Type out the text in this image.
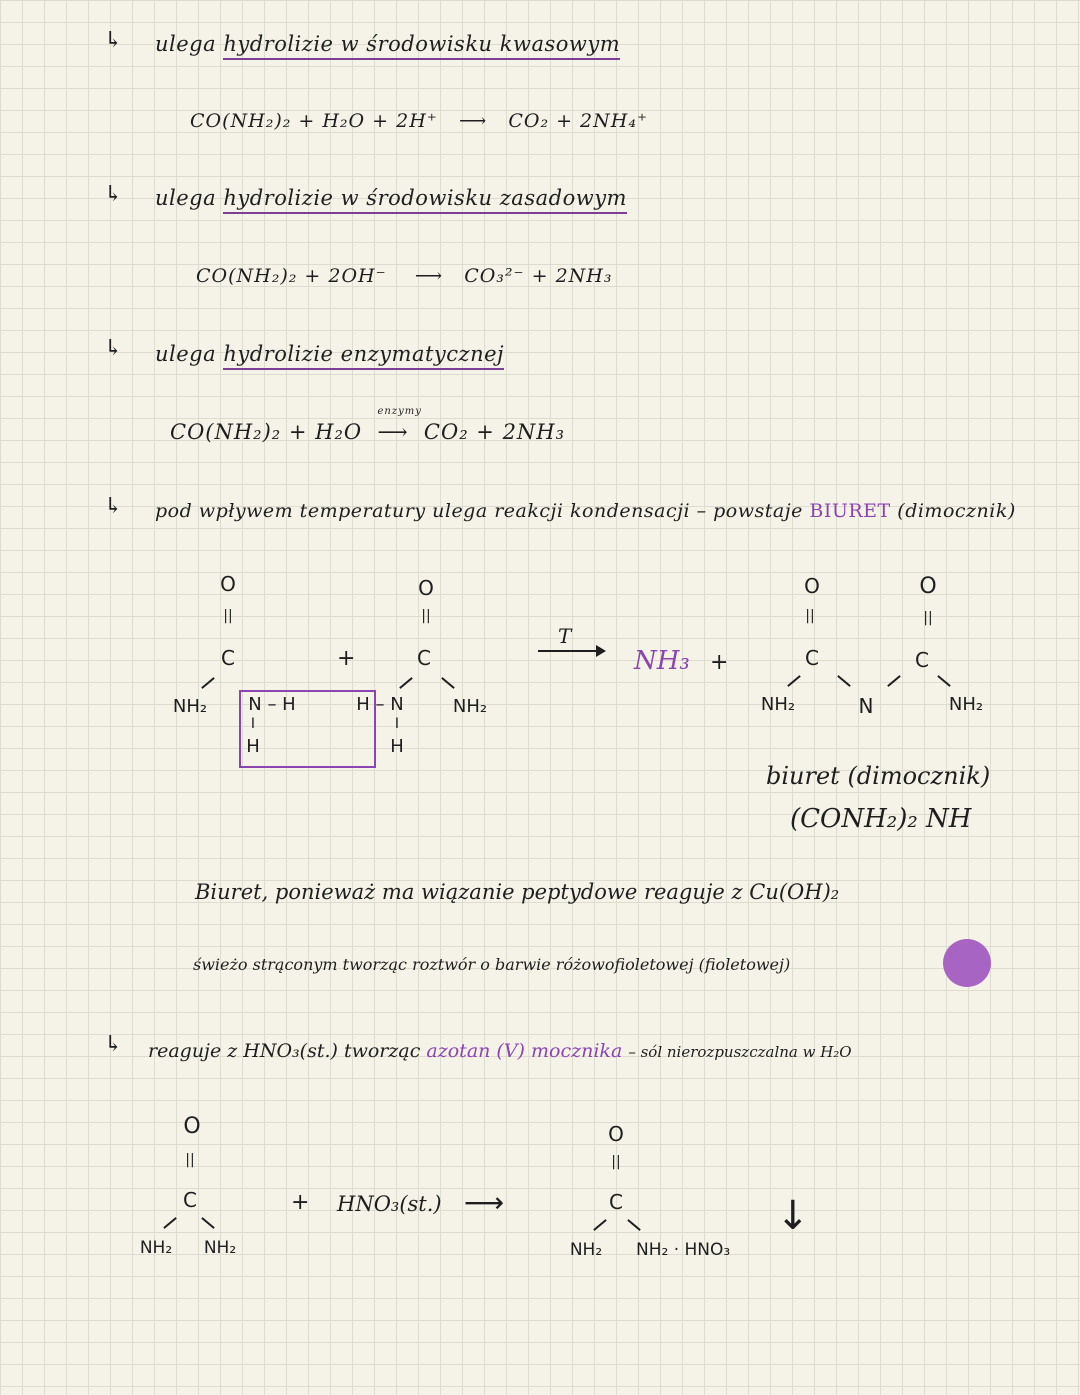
↳ ulega hydrolizie w środowisku kwasowym
CO(NH₂)₂ + H₂O + 2H⁺ ⟶ CO₂ + 2NH₄⁺
↳ ulega hydrolizie w środowisku zasadowym
CO(NH₂)₂ + 2OH⁻ ⟶ CO₃²⁻ + 2NH₃
↳ ulega hydrolizie enzymatycznej
CO(NH₂)₂ + H₂O
enzymy
⟶ CO₂ + 2NH₃
↳ pod wpływem temperatury ulega reakcji kondensacji – powstaje BIURET (dimocznik)
O
||
C
NH₂ N – H
I
H
+
O
||
C
H – N	NH₂
I
H
T
NH₃ +
O
||
C
O
||
C
NH₂	N	NH₂
biuret (dimocznik)
(CONH₂)₂ NH
Biuret, ponieważ ma wiązanie peptydowe reaguje z Cu(OH)₂
świeżo strąconym tworząc roztwór o barwie różowofioletowej (fioletowej)
↳ reaguje z HNO₃(st.) tworząc azotan (V) mocznika – sól nierozpuszczalna w H₂O
O
||
C
NH₂ NH₂
+ HNO₃(st.) ⟶
O
||
C
NH₂ NH₂ · HNO₃
↓
